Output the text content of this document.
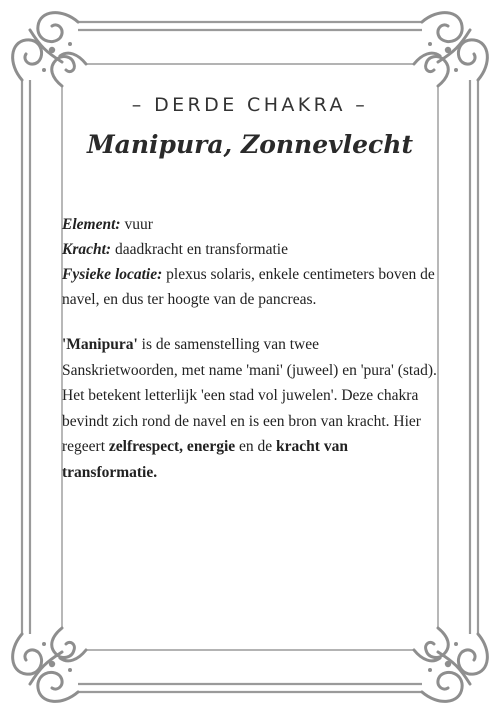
– DERDE CHAKRA –

Manipura, Zonnevlecht
Element: vuur
Kracht: daadkracht en transformatie
Fysieke locatie: plexus solaris, enkele centimeters boven de navel, en dus ter hoogte van de pancreas.
'Manipura' is de samenstelling van twee Sanskrietwoorden, met name 'mani' (juweel) en 'pura' (stad). Het betekent letterlijk 'een stad vol juwelen'. Deze chakra bevindt zich rond de navel en is een bron van kracht. Hier regeert zelfrespect, energie en de kracht van transformatie.
